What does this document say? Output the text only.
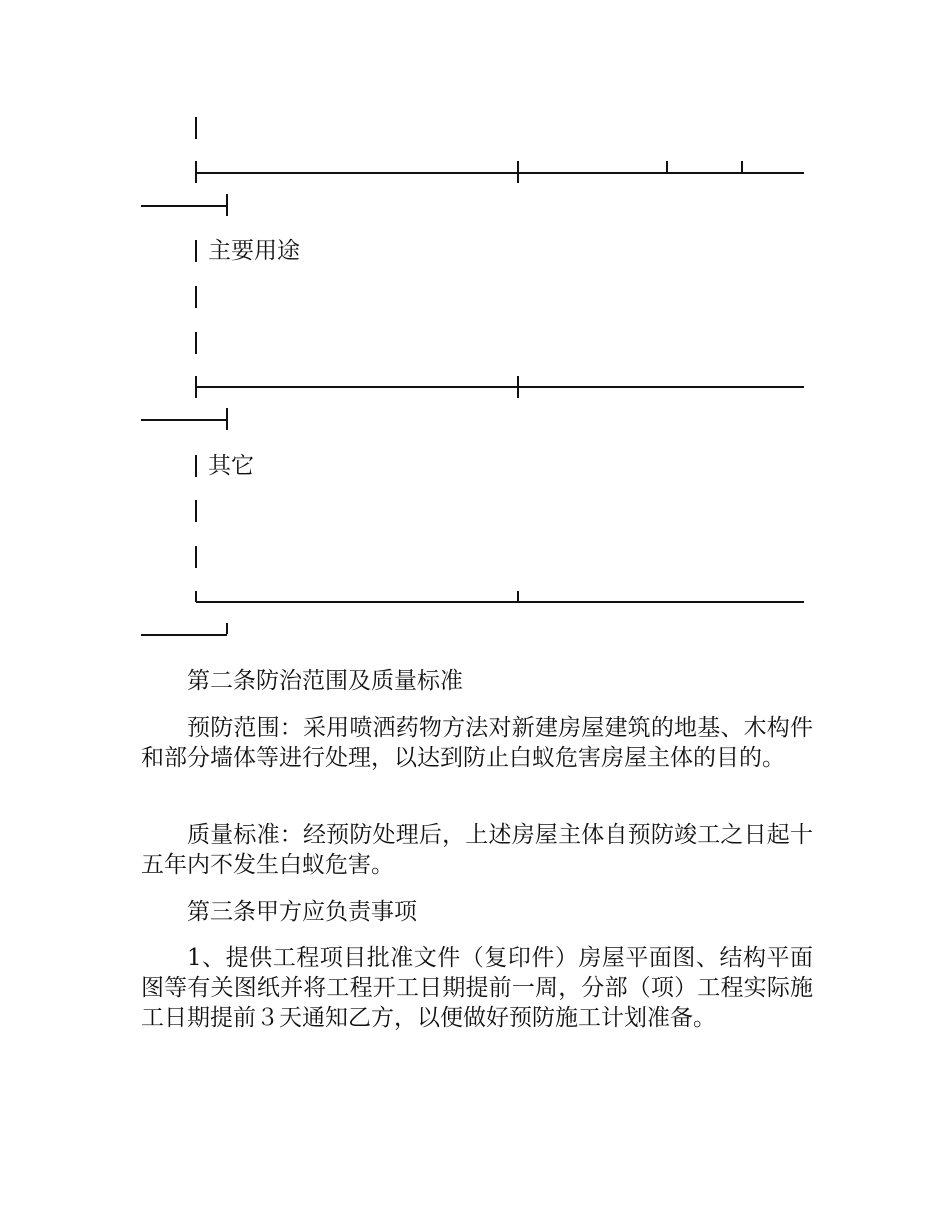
主要用途
其它

第二条防治范围及质量标准

预防范围：采用喷洒药物方法对新建房屋建筑的地基、木构件和部分墙体等进行处理，以达到防止白蚁危害房屋主体的目的。

质量标准：经预防处理后，上述房屋主体自预防竣工之日起十五年内不发生白蚁危害。

第三条甲方应负责事项

1、提供工程项目批准文件（复印件）房屋平面图、结构平面图等有关图纸并将工程开工日期提前一周，分部（项）工程实际施工日期提前３天通知乙方，以便做好预防施工计划准备。
